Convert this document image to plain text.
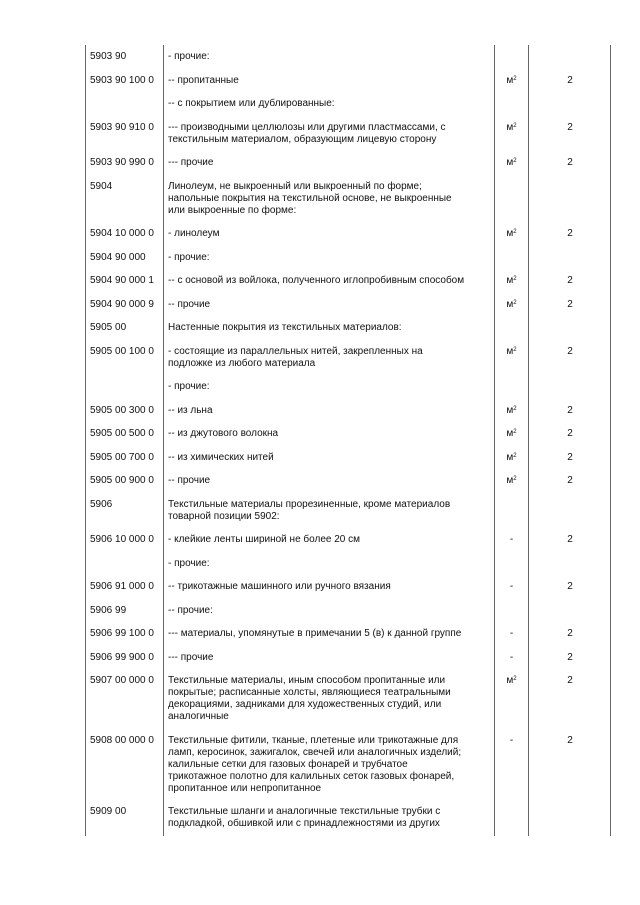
5903 90	- прочие:		
5903 90 100 0	-- пропитанные	$м^2$	2
	-- с покрытием или дублированные:		
5903 90 910 0	--- производными целлюлозы или другими пластмассами, с
текстильным материалом, образующим лицевую сторону	$м^2$	2
5903 90 990 0	--- прочие	$м^2$	2
5904	Линолеум, не выкроенный или выкроенный по форме;
напольные покрытия на текстильной основе, не выкроенные
или выкроенные по форме:		
5904 10 000 0	- линолеум	$м^2$	2
5904 90 000	- прочие:		
5904 90 000 1	-- с основой из войлока, полученного иглопробивным способом	$м^2$	2
5904 90 000 9	-- прочие	$м^2$	2
5905 00	Настенные покрытия из текстильных материалов:		
5905 00 100 0	- состоящие из параллельных нитей, закрепленных на
подложке из любого материала	$м^2$	2
	- прочие:		
5905 00 300 0	-- из льна	$м^2$	2
5905 00 500 0	-- из джутового волокна	$м^2$	2
5905 00 700 0	-- из химических нитей	$м^2$	2
5905 00 900 0	-- прочие	$м^2$	2
5906	Текстильные материалы прорезиненные, кроме материалов
товарной позиции 5902:		
5906 10 000 0	- клейкие ленты шириной не более 20 см	-	2
	- прочие:		
5906 91 000 0	-- трикотажные машинного или ручного вязания	-	2
5906 99	-- прочие:		
5906 99 100 0	--- материалы, упомянутые в примечании 5 (в) к данной группе	-	2
5906 99 900 0	--- прочие	-	2
5907 00 000 0	Текстильные материалы, иным способом пропитанные или
покрытые; расписанные холсты, являющиеся театральными
декорациями, задниками для художественных студий, или
аналогичные	$м^2$	2
5908 00 000 0	Текстильные фитили, тканые, плетеные или трикотажные для
ламп, керосинок, зажигалок, свечей или аналогичных изделий;
калильные сетки для газовых фонарей и трубчатое
трикотажное полотно для калильных сеток газовых фонарей,
пропитанное или непропитанное	-	2
5909 00	Текстильные шланги и аналогичные текстильные трубки с
подкладкой, обшивкой или с принадлежностями из других		
